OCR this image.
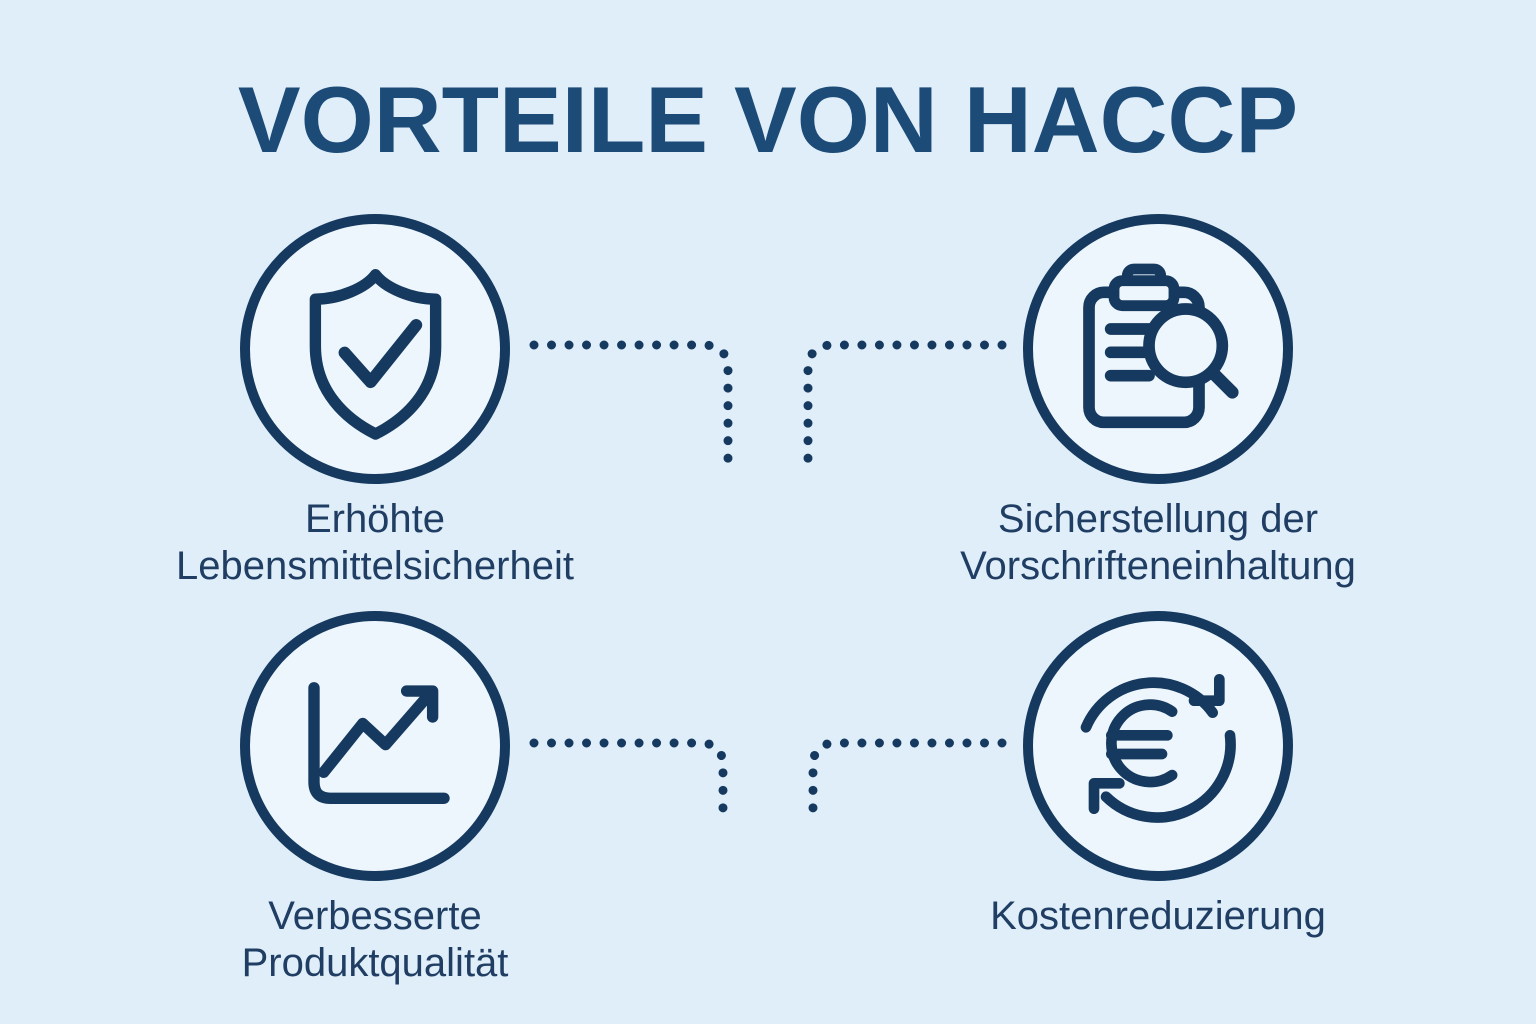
VORTEILE VON HACCP
Erhöhte
Lebensmittelsicherheit
Sicherstellung der
Vorschrifteneinhaltung
Verbesserte
Produktqualität
Kostenreduzierung
